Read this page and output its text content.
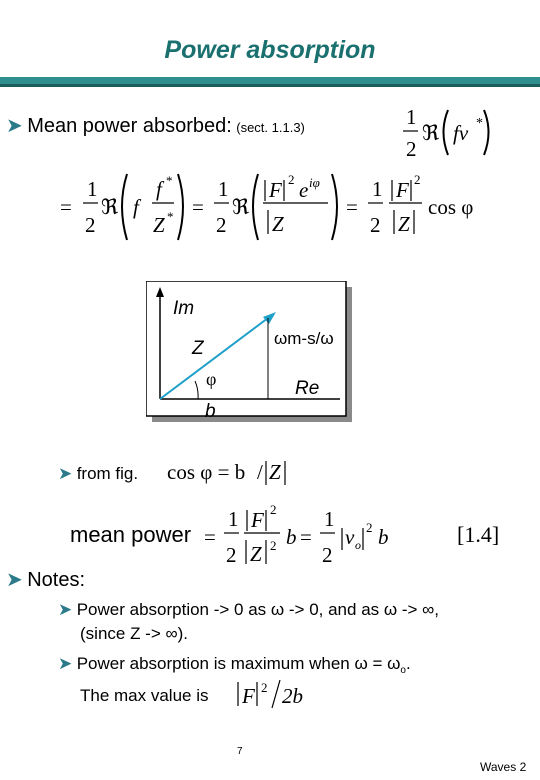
Power absorption
➤ Mean power absorbed: (sect. 1.1.3)	1
2
ℜ fv *
=
1
2
ℜ f
f *
Z * =
1
2
ℜ
F 2 e iφ
Z
=
1
2
F 2
Z
cos φ
Im
Z
φ
ωm-s/ω
Re
b
➤ from fig. cos φ = b / Z
mean power =
1
2
F 2
Z 2 b =
1
2
v o
2 b	[1.4]
➤ Notes:
➤ Power absorption -> 0 as ω -> 0, and as ω -> ∞,
(since Z -> ∞).
➤ Power absorption is maximum when $\omega = \omega_o$.
The max value is F 2 2b
7
Waves 2
